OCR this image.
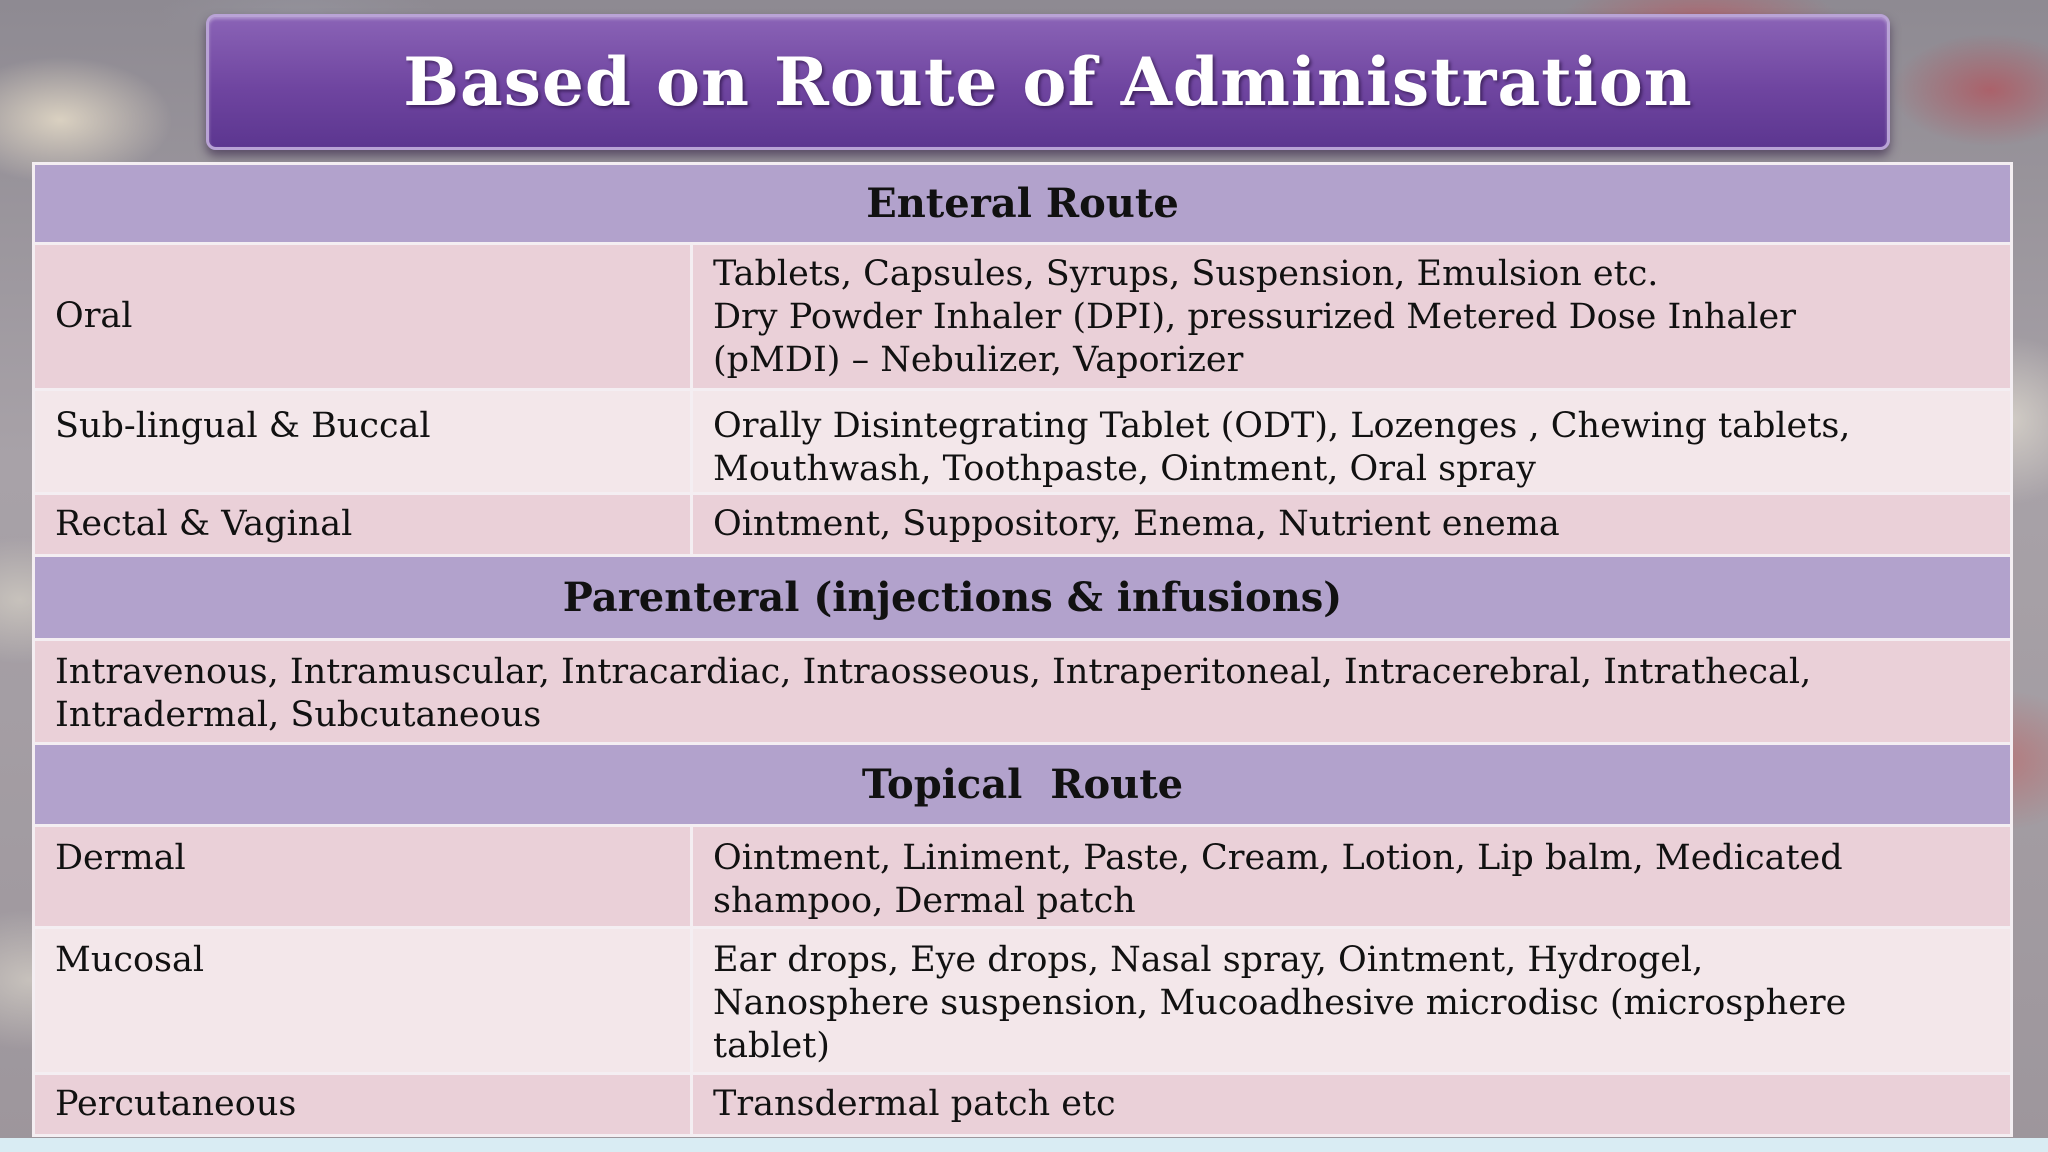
Based on Route of Administration
Enteral Route	
Oral	Tablets, Capsules, Syrups, Suspension, Emulsion etc.
Dry Powder Inhaler (DPI), pressurized Metered Dose Inhaler
(pMDI) – Nebulizer, Vaporizer

Sub-lingual & Buccal	Orally Disintegrating Tablet (ODT), Lozenges , Chewing tablets,
Mouthwash, Toothpaste, Ointment, Oral spray

Rectal & Vaginal	Ointment, Suppository, Enema, Nutrient enema

Parenteral (injections & infusions)	

Intravenous, Intramuscular, Intracardiac, Intraosseous, Intraperitoneal, Intracerebral, Intrathecal,
Intradermal, Subcutaneous	

Topical  Route	
Dermal	Ointment, Liniment, Paste, Cream, Lotion, Lip balm, Medicated
shampoo, Dermal patch

Mucosal	Ear drops, Eye drops, Nasal spray, Ointment, Hydrogel,
Nanosphere suspension, Mucoadhesive microdisc (microsphere
tablet)

Percutaneous	Transdermal patch etc
